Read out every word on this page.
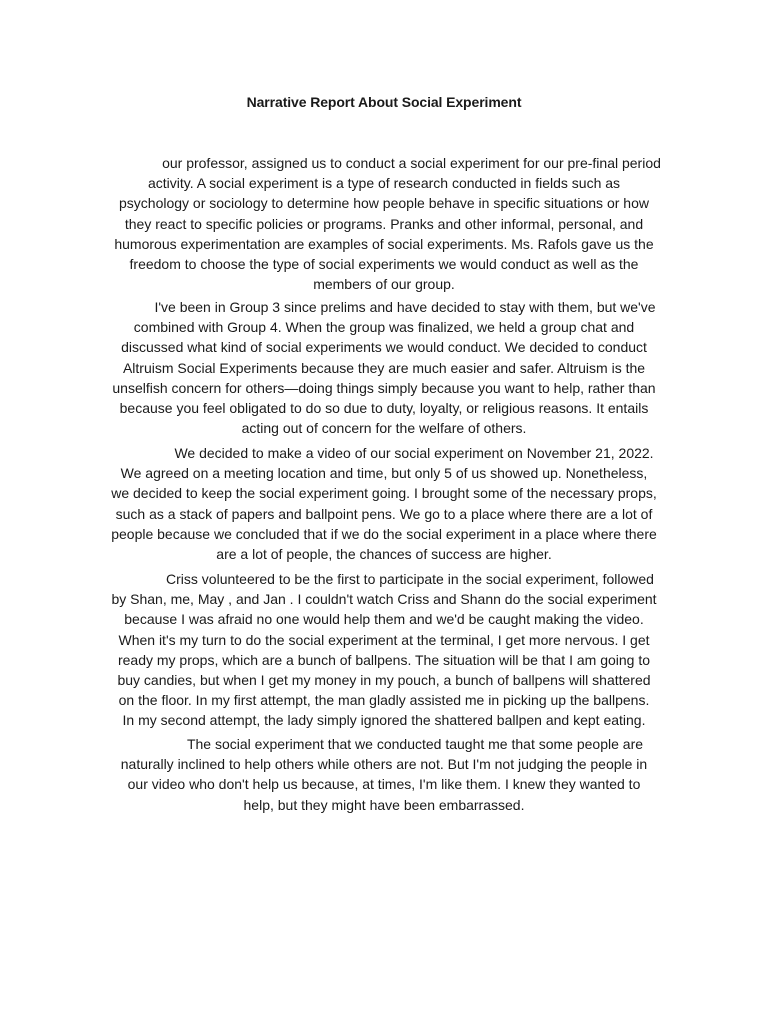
Narrative Report About Social Experiment
our professor, assigned us to conduct a social experiment for our pre-final period
activity. A social experiment is a type of research conducted in fields such as
psychology or sociology to determine how people behave in specific situations or how
they react to specific policies or programs. Pranks and other informal, personal, and
humorous experimentation are examples of social experiments. Ms. Rafols gave us the
freedom to choose the type of social experiments we would conduct as well as the
members of our group.
I've been in Group 3 since prelims and have decided to stay with them, but we've
combined with Group 4. When the group was finalized, we held a group chat and
discussed what kind of social experiments we would conduct. We decided to conduct
Altruism Social Experiments because they are much easier and safer. Altruism is the
unselfish concern for others—doing things simply because you want to help, rather than
because you feel obligated to do so due to duty, loyalty, or religious reasons. It entails
acting out of concern for the welfare of others.
We decided to make a video of our social experiment on November 21, 2022.
We agreed on a meeting location and time, but only 5 of us showed up. Nonetheless,
we decided to keep the social experiment going. I brought some of the necessary props,
such as a stack of papers and ballpoint pens. We go to a place where there are a lot of
people because we concluded that if we do the social experiment in a place where there
are a lot of people, the chances of success are higher.
Criss volunteered to be the first to participate in the social experiment, followed
by Shan, me, May , and Jan . I couldn't watch Criss and Shann do the social experiment
because I was afraid no one would help them and we'd be caught making the video.
When it's my turn to do the social experiment at the terminal, I get more nervous. I get
ready my props, which are a bunch of ballpens. The situation will be that I am going to
buy candies, but when I get my money in my pouch, a bunch of ballpens will shattered
on the floor. In my first attempt, the man gladly assisted me in picking up the ballpens.
In my second attempt, the lady simply ignored the shattered ballpen and kept eating.
The social experiment that we conducted taught me that some people are
naturally inclined to help others while others are not. But I'm not judging the people in
our video who don't help us because, at times, I'm like them. I knew they wanted to
help, but they might have been embarrassed.
